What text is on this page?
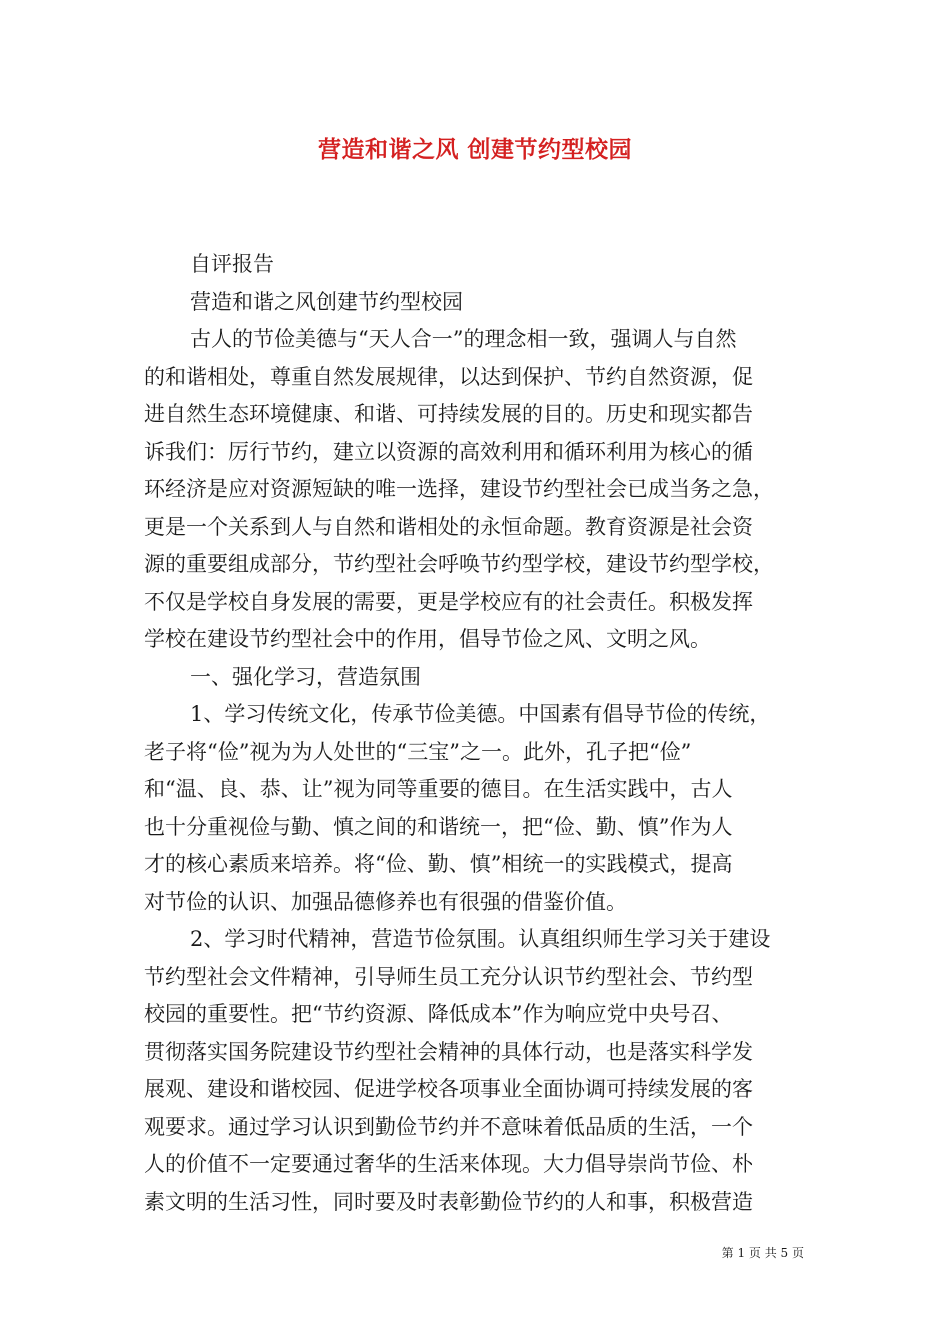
营造和谐之风 创建节约型校园
自评报告
营造和谐之风创建节约型校园
古人的节俭美德与“天人合一”的理念相一致，强调人与自然
的和谐相处，尊重自然发展规律，以达到保护、节约自然资源，促
进自然生态环境健康、和谐、可持续发展的目的。历史和现实都告
诉我们：厉行节约，建立以资源的高效利用和循环利用为核心的循
环经济是应对资源短缺的唯一选择，建设节约型社会已成当务之急，
更是一个关系到人与自然和谐相处的永恒命题。教育资源是社会资
源的重要组成部分，节约型社会呼唤节约型学校，建设节约型学校，
不仅是学校自身发展的需要，更是学校应有的社会责任。积极发挥
学校在建设节约型社会中的作用，倡导节俭之风、文明之风。
一、强化学习，营造氛围
1、学习传统文化，传承节俭美德。中国素有倡导节俭的传统，
老子将“俭”视为为人处世的“三宝”之一。此外，孔子把“俭”
和“温、良、恭、让”视为同等重要的德目。在生活实践中，古人
也十分重视俭与勤、慎之间的和谐统一，把“俭、勤、慎”作为人
才的核心素质来培养。将“俭、勤、慎”相统一的实践模式，提高
对节俭的认识、加强品德修养也有很强的借鉴价值。
2、学习时代精神，营造节俭氛围。认真组织师生学习关于建设
节约型社会文件精神，引导师生员工充分认识节约型社会、节约型
校园的重要性。把“节约资源、降低成本”作为响应党中央号召、
贯彻落实国务院建设节约型社会精神的具体行动，也是落实科学发
展观、建设和谐校园、促进学校各项事业全面协调可持续发展的客
观要求。通过学习认识到勤俭节约并不意味着低品质的生活，一个
人的价值不一定要通过奢华的生活来体现。大力倡导崇尚节俭、朴
素文明的生活习性，同时要及时表彰勤俭节约的人和事，积极营造
第 1 页 共 5 页
